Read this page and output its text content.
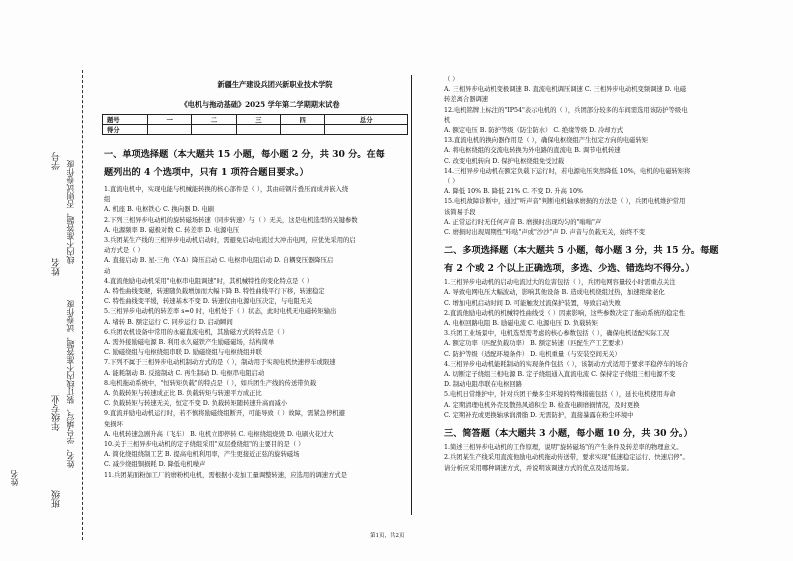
学号
姓名
年级专业
班级
线内不准答题，否则试卷作废
姓名、学号填写、装订线内不准答题，试卷作废
姓名
新疆生产建设兵团兴新职业技术学院
《电机与拖动基础》2025 学年第二学期期末试卷
题号	一	二	三	四	总分
得分					
一、单项选择题（本大题共 15 小题，每小题 2 分，共 30 分。在每
题列出的 4 个选项中，只有 1 项符合题目要求。）

1.直流电机中，实现电能与机械能转换的核心部件是（ ），其由硅钢片叠压而成并嵌入绕

组

A. 机座 B. 电枢铁心 C. 换向器 D. 电刷

2.下列三相异步电动机的旋转磁场转速（同步转速）与（ ）无关，这是电机选型的关键参数

A. 电源频率 B. 磁极对数 C. 转差率 D. 电源电压

3.兵团某生产线的三相异步电动机启动时，需避免启动电流过大冲击电网，应优先采用的启

动方式是（ ）

A. 直接启动 B. 星-三角（Y-Δ）降压启动 C. 电枢串电阻启动 D. 自耦变压器降压启

动

4.直流他励电动机采用"电枢串电阻调速"时，其机械特性的变化特点是（ ）

A. 特性曲线变硬，转速随负载增加而大幅下降 B. 特性曲线平行下移，转速稳定

C. 特性曲线变平缓，转速基本不变 D. 转速仅由电源电压决定，与电阻无关

5.三相异步电动机的转差率 s=0 时，电机处于（ ）状态，此时电机无电磁转矩输出

A. 堵转 B. 额定运行 C. 同步运行 D. 启动瞬间

6.兵团农机设备中常用的永磁直流电机，其励磁方式的特点是（ ）

A. 需外接励磁电源 B. 利用永久磁铁产生励磁磁场，结构简单

C. 励磁绕组与电枢绕组串联 D. 励磁绕组与电枢绕组并联

7.下列不属于三相异步电动机制动方式的是（ ），制动用于实现电机快速停车或限速

A. 能耗制动 B. 反接制动 C. 再生制动 D. 电枢串电阻启动

8.电机拖动系统中，"恒转矩负载"的特点是（ ），如兵团生产线的传送带负载

A. 负载转矩与转速成正比 B. 负载转矩与转速平方成正比

C. 负载转矩与转速无关，恒定不变 D. 负载转矩随转速升高而减小

9.直流并励电动机运行时，若不慎将励磁绕组断开，可能导致（ ）故障，需紧急停机避

免损坏

A. 电机转速急剧升高（飞车） B. 电机立即停转 C. 电枢绕组烧毁 D. 电刷火花过大

10.关于三相异步电动机的定子绕组采用"双层叠绕组"的主要目的是（ ）

A. 简化绕组绕制工艺 B. 提高电机利用率，产生更接近正弦的旋转磁场

C. 减少绕组铜损耗 D. 降低电机噪声

11.兵团某面粉加工厂的磨粉机电机，需根据小麦加工量调整转速，应选用的调速方式是

（ ）

A. 三相异步电动机变极调速 B. 直流电机调压调速 C. 三相异步电动机变频调速 D. 电磁

转差离合器调速

12.电机铭牌上标注的"IP54"表示电机的（ ），兵团部分较多的车间需选用该防护等级电

机

A. 额定电压 B. 防护等级（防尘防水） C. 绝缘等级 D. 冷却方式

13.直流电机的换向器作用是（ ），确保电枢绕组产生恒定方向的电磁转矩

A. 将电枢绕组的交流电转换为外电路的直流电 B. 调节电机转速

C. 改变电机转向 D. 保护电枢绕组免受过载

14.三相异步电动机在额定负载下运行时，若电源电压突然降低 10%，电机的电磁转矩将

（ ）

A. 降低 10% B. 降低 21% C. 不变 D. 升高 10%

15.电机故障诊断中，通过"听声音"判断电机轴承磨损的方法是（ ），兵团电机维护常用

该简易手段

A. 正常运行时无任何声音 B. 磨损时出现均匀的"嗡嗡"声

C. 磨损时出现周期性"咔哒"声或"沙沙"声 D. 声音与负载无关，始终不变

二、多项选择题（本大题共 5 小题，每小题 3 分，共 15 分。每题
有 2 个或 2 个以上正确选项，多选、少选、错选均不得分。）

1.三相异步电动机的启动电流过大的危害包括（ ），兵团电网容量较小时需重点关注

A. 导致电网电压大幅波动，影响其他设备 B. 造成电机绕组过热，加速绝缘老化

C. 增加电机启动时间 D. 可能触发过流保护装置，导致启动失败

2.直流他励电动机的机械特性曲线受（ ）因素影响，这些参数决定了拖动系统的稳定性

A. 电枢回路电阻 B. 励磁电流 C. 电源电压 D. 负载转矩

3.兵团工业场景中，电机选型需考虑的核心参数包括（ ），确保电机适配实际工况

A. 额定功率（匹配负载功率） B. 额定转速（匹配生产工艺要求）

C. 防护等级（适配环境条件） D. 电机重量（与安装空间无关）

4.三相异步电动机能耗制动的实现条件包括（ ），该制动方式适用于要求平稳停车的场合

A. 切断定子绕组三相电源 B. 定子绕组通入直流电流 C. 保持定子绕组三相电源不变

D. 制动电阻串联在电枢回路

5.电机日常维护中，针对兵团干燥多尘环境的特殊措施包括（ ），延长电机使用寿命

A. 定期清理电机外壳及散热风道积尘 B. 检查电刷磨损情况，及时更换

C. 定期补充或更换轴承润滑脂 D. 无需防护，直接暴露在粉尘环境中

三、简答题（本大题共 3 小题，每小题 10 分，共 30 分。）

1.简述三相异步电动机的工作原理，说明"旋转磁场"的产生条件及转差率的物理意义。

2.兵团某生产线采用直流他励电动机拖动传送带，要求实现"低速稳定运行、快速启停"。

请分析应采用哪种调速方式，并说明该调速方式的优点及适用场景。

第1页，共2页
